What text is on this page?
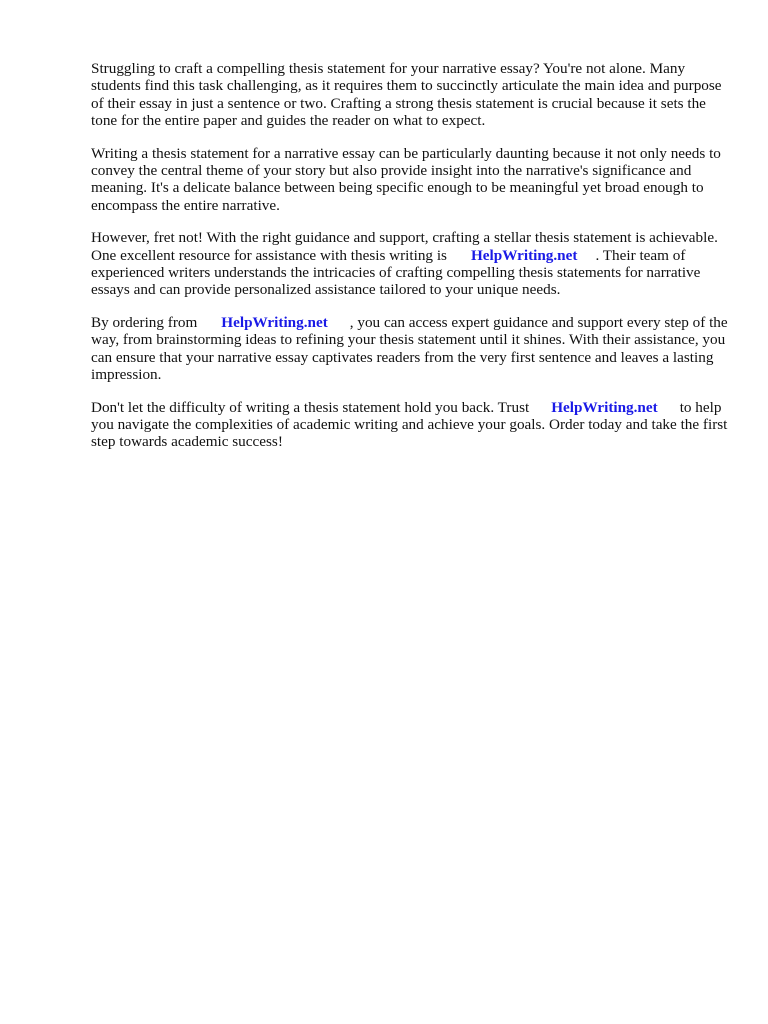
Struggling to craft a compelling thesis statement for your narrative essay? You're not alone. Many students find this task challenging, as it requires them to succinctly articulate the main idea and purpose of their essay in just a sentence or two. Crafting a strong thesis statement is crucial because it sets the tone for the entire paper and guides the reader on what to expect.

Writing a thesis statement for a narrative essay can be particularly daunting because it not only needs to convey the central theme of your story but also provide insight into the narrative's significance and meaning. It's a delicate balance between being specific enough to be meaningful yet broad enough to encompass the entire narrative.

However, fret not! With the right guidance and support, crafting a stellar thesis statement is achievable. One excellent resource for assistance with thesis writing is HelpWriting.net . Their team of experienced writers understands the intricacies of crafting compelling thesis statements for narrative essays and can provide personalized assistance tailored to your unique needs.

By ordering from HelpWriting.net , you can access expert guidance and support every step of the way, from brainstorming ideas to refining your thesis statement until it shines. With their assistance, you can ensure that your narrative essay captivates readers from the very first sentence and leaves a lasting impression.

Don't let the difficulty of writing a thesis statement hold you back. Trust HelpWriting.net to help you navigate the complexities of academic writing and achieve your goals. Order today and take the first step towards academic success!
